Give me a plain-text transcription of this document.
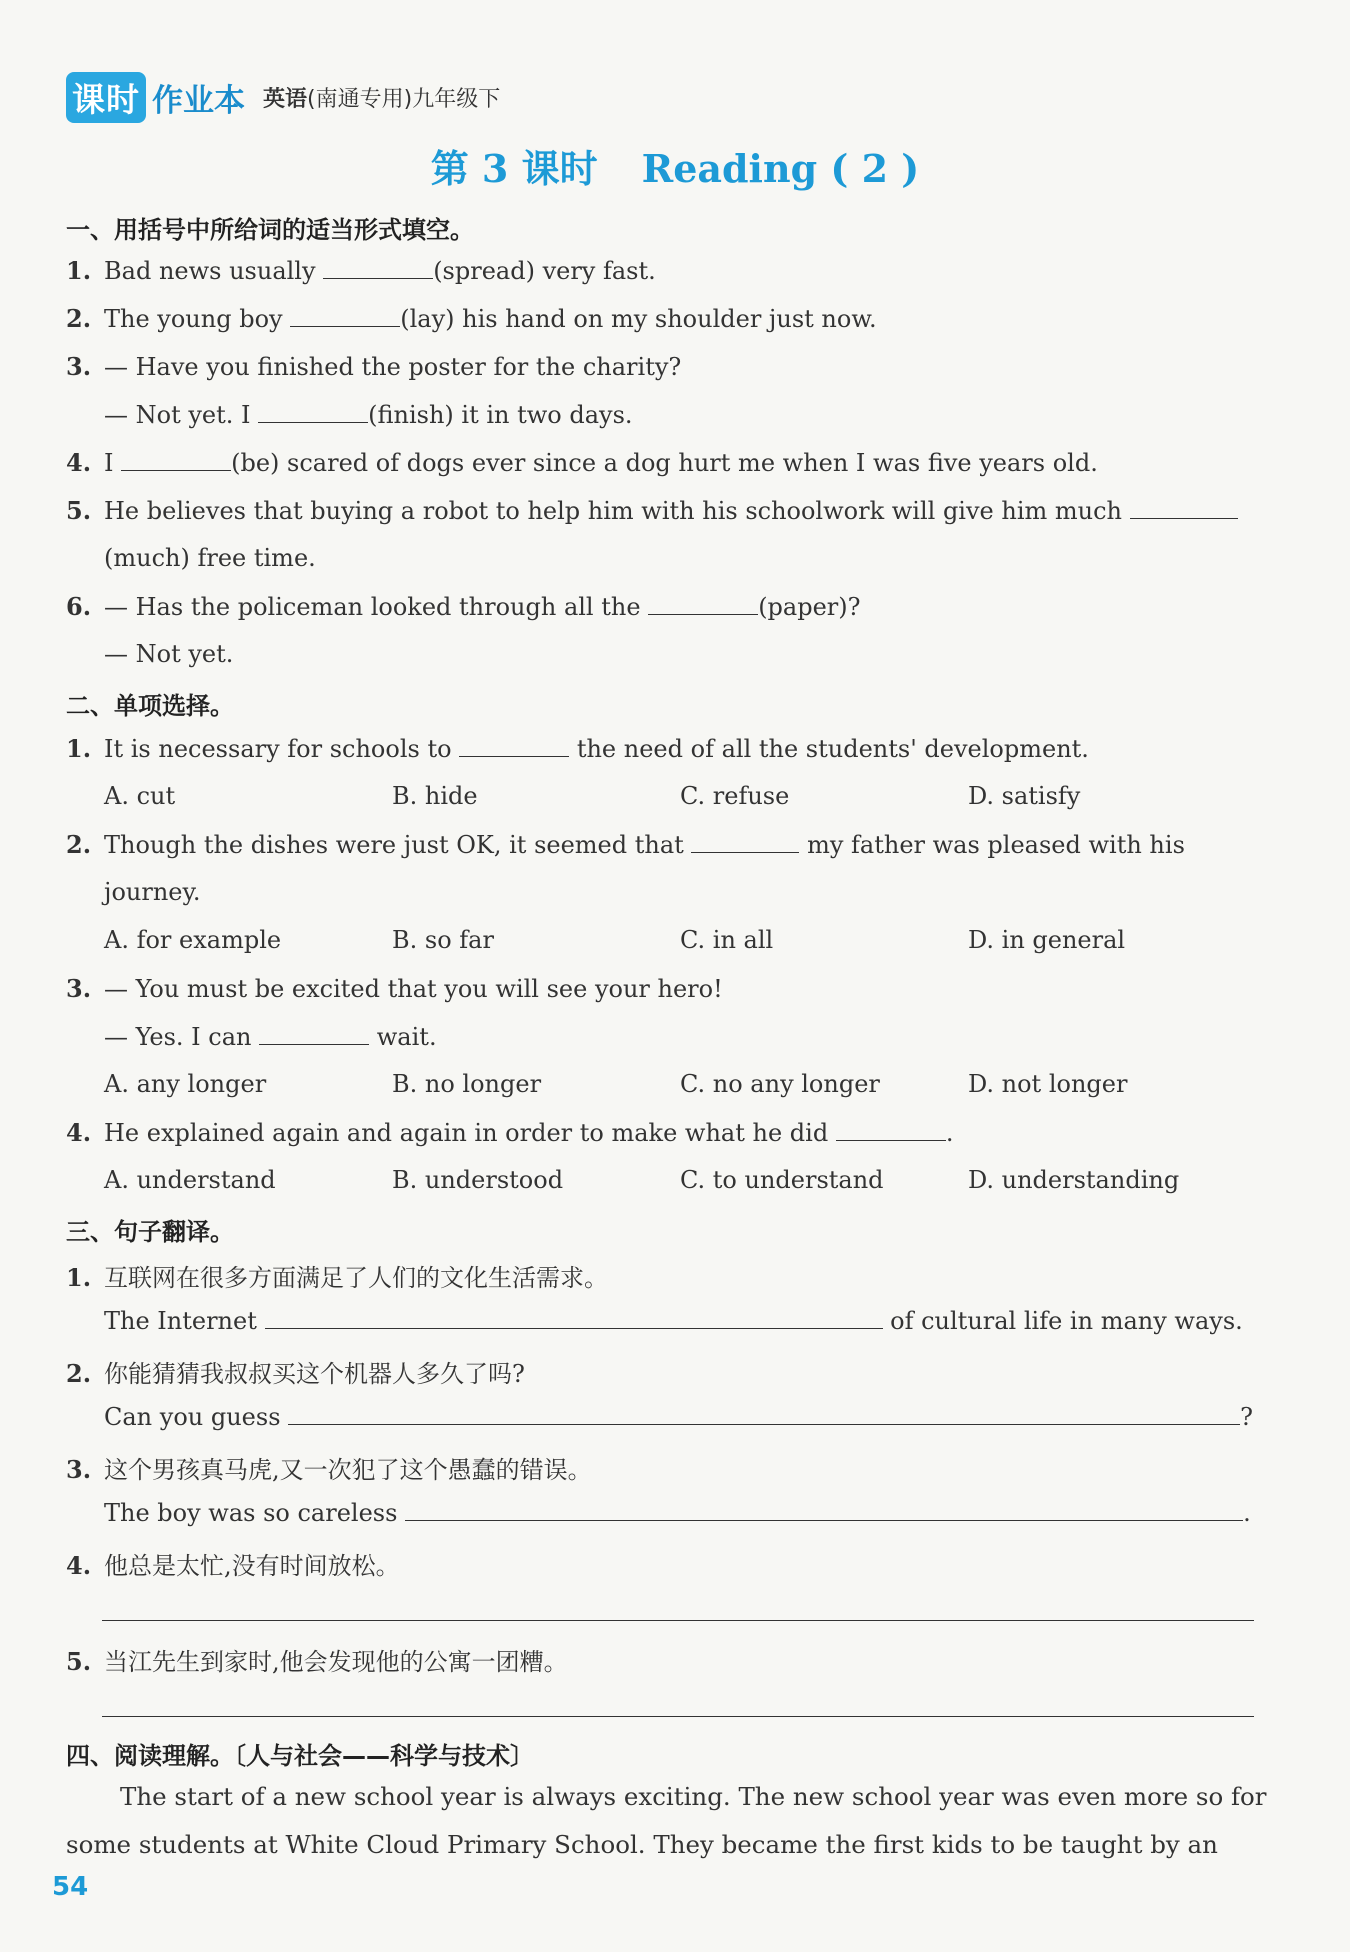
课时 作业本 英语(南通专用)九年级下
第 3 课时 Reading ( 2 )
一、用括号中所给词的适当形式填空。
1. Bad news usually	(spread) very fast.
2. The young boy	(lay) his hand on my shoulder just now.
3. — Have you finished the poster for the charity?
— Not yet. I	(finish) it in two days.
4. I	(be) scared of dogs ever since a dog hurt me when I was five years old.
5. He believes that buying a robot to help him with his schoolwork will give him much
(much) free time.
6. — Has the policeman looked through all the	(paper)?
— Not yet.
二、单项选择。
1. It is necessary for schools to	the need of all the students' development.
A. cut	B. hide	C. refuse	D. satisfy
2. Though the dishes were just OK, it seemed that	my father was pleased with his
journey.
A. for example	B. so far	C. in all	D. in general
3. — You must be excited that you will see your hero!
— Yes. I can	wait.
A. any longer	B. no longer	C. no any longer	D. not longer
4. He explained again and again in order to make what he did	.
A. understand	B. understood	C. to understand	D. understanding
三、句子翻译。
1. 互联网在很多方面满足了人们的文化生活需求。
The Internet	of cultural life in many ways.
2. 你能猜猜我叔叔买这个机器人多久了吗?
Can you guess	?
3. 这个男孩真马虎,又一次犯了这个愚蠢的错误。
The boy was so careless	.
4. 他总是太忙,没有时间放松。
5. 当江先生到家时,他会发现他的公寓一团糟。
四、阅读理解。〔人与社会——科学与技术〕
The start of a new school year is always exciting. The new school year was even more so for
some students at White Cloud Primary School. They became the first kids to be taught by an
54
